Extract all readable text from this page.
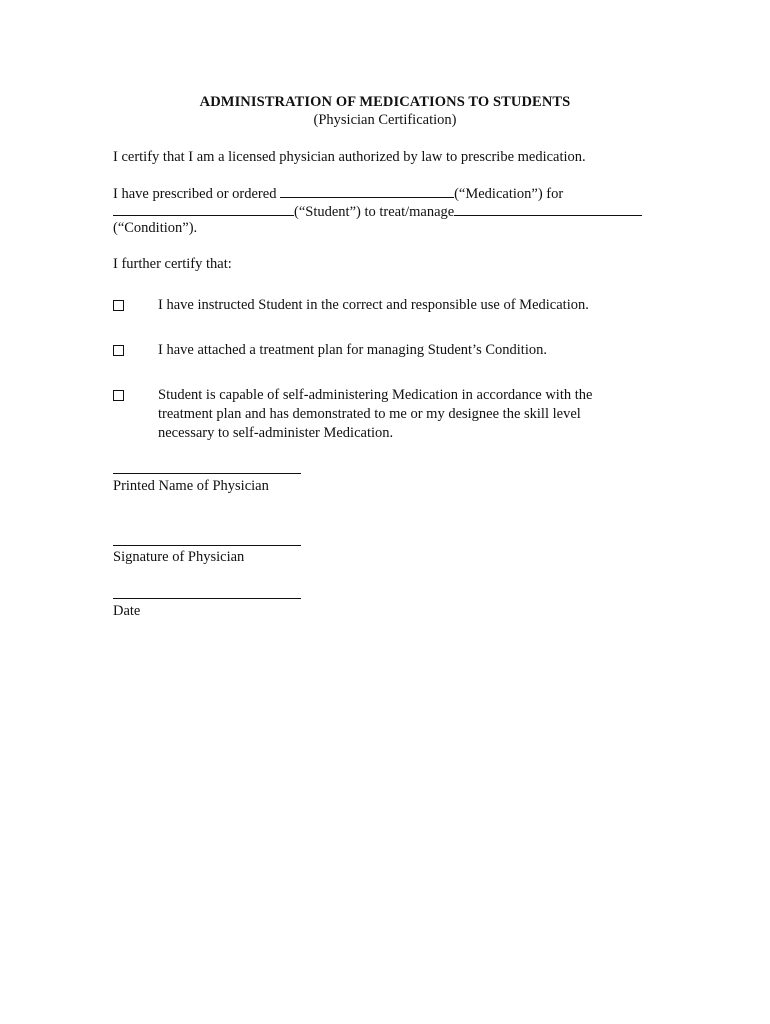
ADMINISTRATION OF MEDICATIONS TO STUDENTS
(Physician Certification)
I certify that I am a licensed physician authorized by law to prescribe medication.
I have prescribed or ordered	(“Medication”) for
(“Student”) to treat/manage
(“Condition”).
I further certify that:
I have instructed Student in the correct and responsible use of Medication.
I have attached a treatment plan for managing Student’s Condition.
Student is capable of self-administering Medication in accordance with the treatment plan and has demonstrated to me or my designee the skill level necessary to self-administer Medication.
Printed Name of Physician
Signature of Physician
Date
